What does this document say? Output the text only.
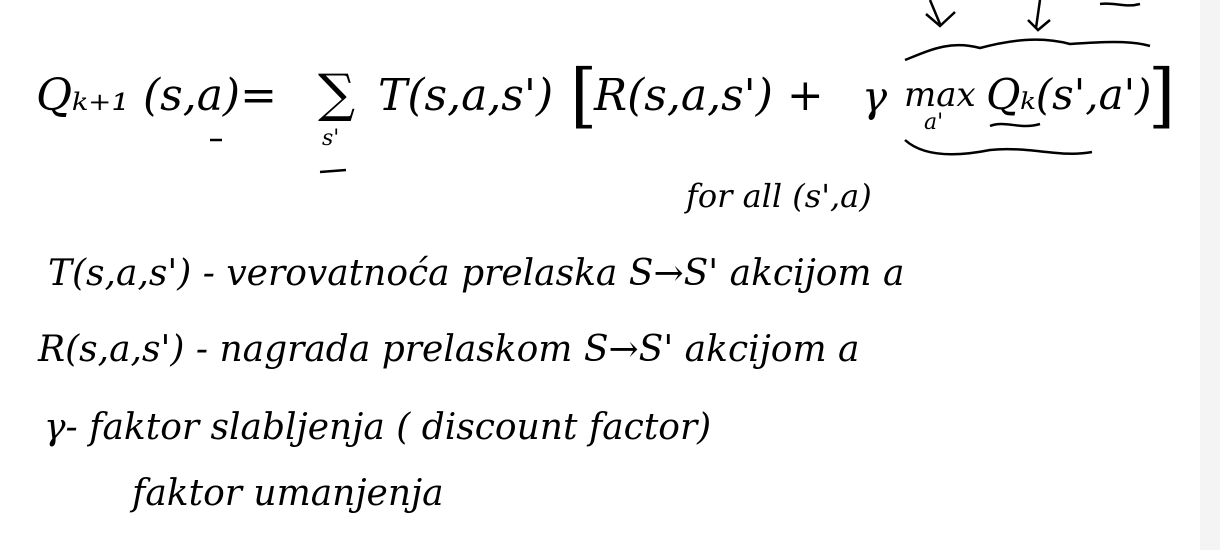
Qₖ₊₁ (s,a)= ∑
s'
T(s,a,s') [
R(s,a,s') + γ max
a'
Qₖ(s',a')
]
for all (s',a)
T(s,a,s') - verovatnoća prelaska S→S' akcijom a
R(s,a,s') - nagrada prelaskom S→S' akcijom a
γ- faktor slabljenja ( discount factor)
faktor umanjenja
